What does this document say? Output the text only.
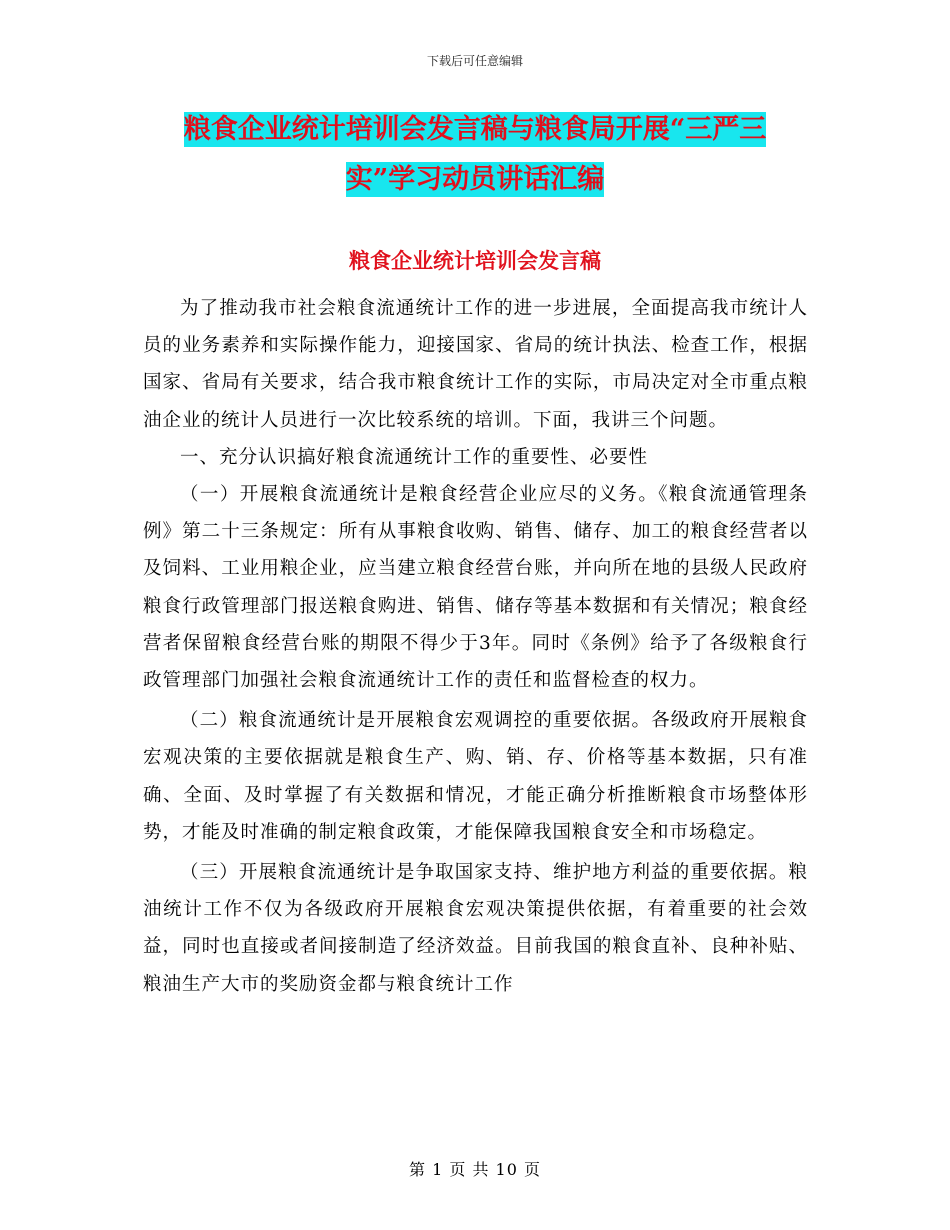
下载后可任意编辑
粮食企业统计培训会发言稿与粮食局开展“三严三
实”学习动员讲话汇编
粮食企业统计培训会发言稿

为了推动我市社会粮食流通统计工作的进一步进展，全面提高我市统计人员的业务素养和实际操作能力，迎接国家、省局的统计执法、检查工作，根据国家、省局有关要求，结合我市粮食统计工作的实际，市局决定对全市重点粮油企业的统计人员进行一次比较系统的培训。下面，我讲三个问题。

一、充分认识搞好粮食流通统计工作的重要性、必要性

（一）开展粮食流通统计是粮食经营企业应尽的义务。《粮食流通管理条例》第二十三条规定：所有从事粮食收购、销售、储存、加工的粮食经营者以及饲料、工业用粮企业，应当建立粮食经营台账，并向所在地的县级人民政府粮食行政管理部门报送粮食购进、销售、储存等基本数据和有关情况；粮食经营者保留粮食经营台账的期限不得少于3年。同时《条例》给予了各级粮食行政管理部门加强社会粮食流通统计工作的责任和监督检查的权力。

（二）粮食流通统计是开展粮食宏观调控的重要依据。各级政府开展粮食宏观决策的主要依据就是粮食生产、购、销、存、价格等基本数据，只有准确、全面、及时掌握了有关数据和情况，才能正确分析推断粮食市场整体形势，才能及时准确的制定粮食政策，才能保障我国粮食安全和市场稳定。

（三）开展粮食流通统计是争取国家支持、维护地方利益的重要依据。粮油统计工作不仅为各级政府开展粮食宏观决策提供依据，有着重要的社会效益，同时也直接或者间接制造了经济效益。目前我国的粮食直补、良种补贴、粮油生产大市的奖励资金都与粮食统计工作

第 1 页 共 10 页
